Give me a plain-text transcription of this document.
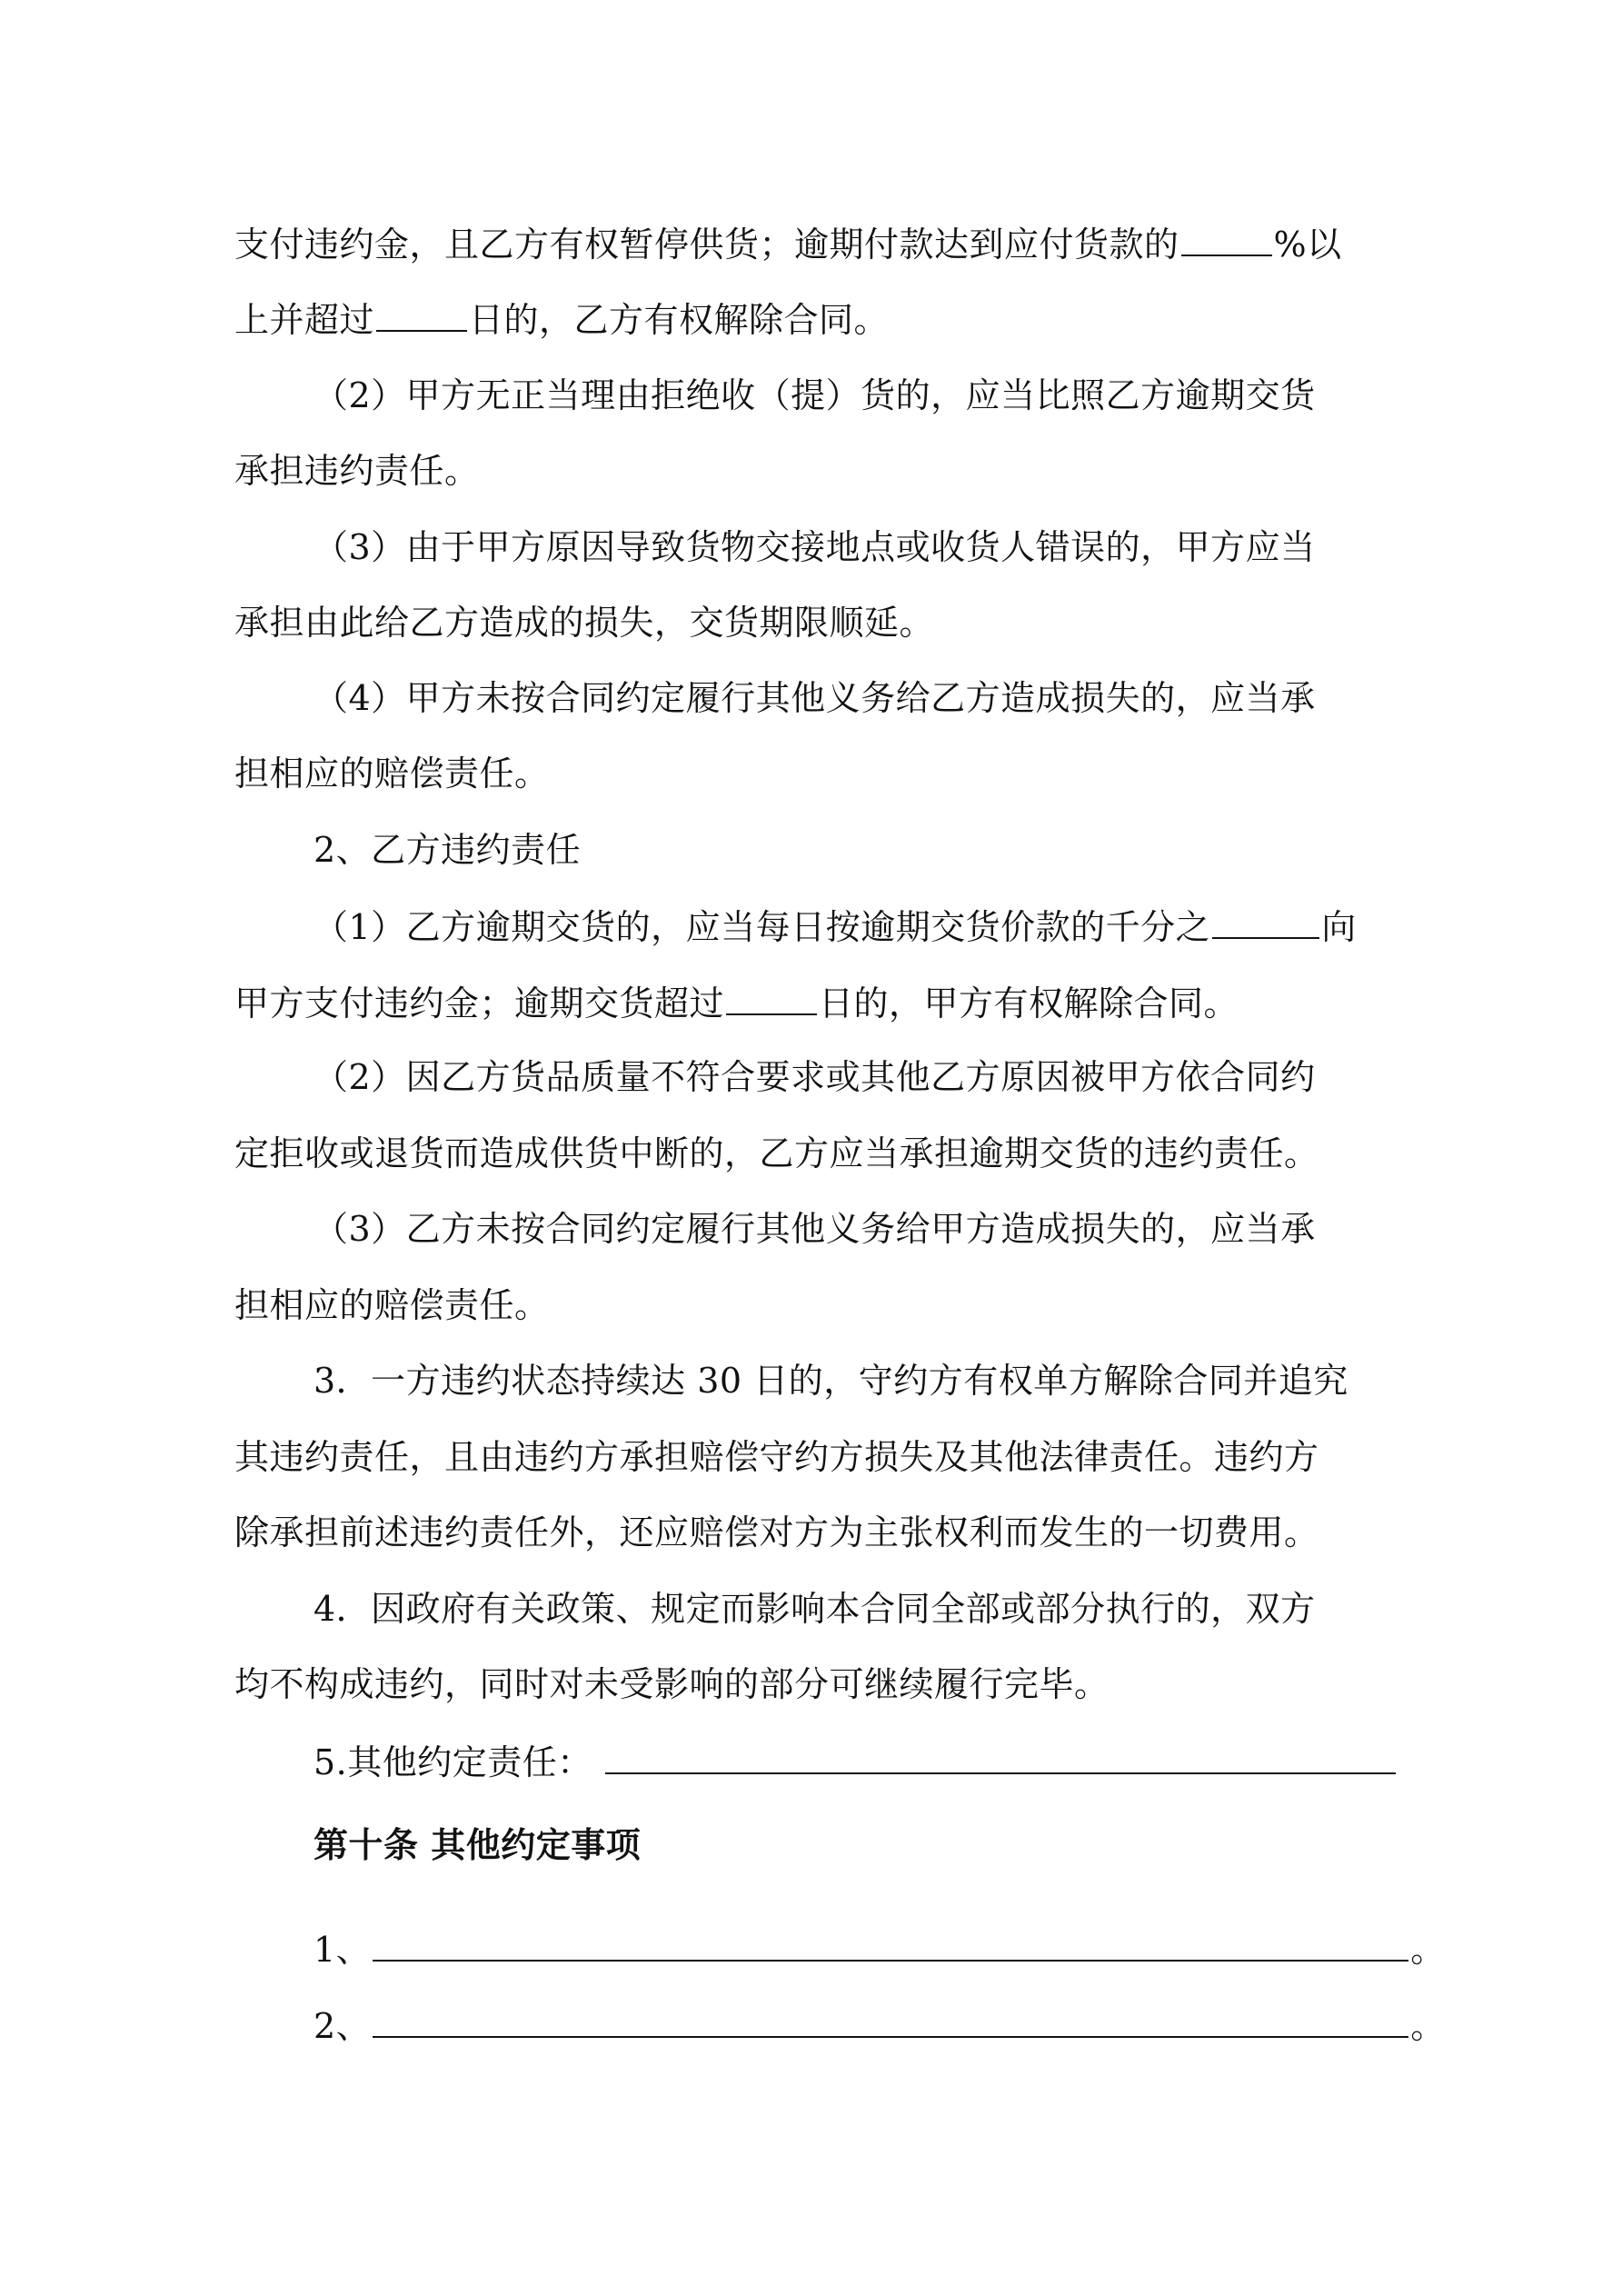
支付违约金，且乙方有权暂停供货；逾期付款达到应付货款的	%以
上并超过	日的，乙方有权解除合同。
（2）甲方无正当理由拒绝收（提）货的，应当比照乙方逾期交货
承担违约责任。
（3）由于甲方原因导致货物交接地点或收货人错误的，甲方应当
承担由此给乙方造成的损失，交货期限顺延。
（4）甲方未按合同约定履行其他义务给乙方造成损失的，应当承
担相应的赔偿责任。
2、乙方违约责任
（1）乙方逾期交货的，应当每日按逾期交货价款的千分之	向
甲方支付违约金；逾期交货超过	日的，甲方有权解除合同。
（2）因乙方货品质量不符合要求或其他乙方原因被甲方依合同约
定拒收或退货而造成供货中断的，乙方应当承担逾期交货的违约责任。
（3）乙方未按合同约定履行其他义务给甲方造成损失的，应当承
担相应的赔偿责任。
3．一方违约状态持续达 30 日的，守约方有权单方解除合同并追究
其违约责任，且由违约方承担赔偿守约方损失及其他法律责任。违约方
除承担前述违约责任外，还应赔偿对方为主张权利而发生的一切费用。
4．因政府有关政策、规定而影响本合同全部或部分执行的，双方
均不构成违约，同时对未受影响的部分可继续履行完毕。
5.其他约定责任：
第十条 其他约定事项
1、	。
2、	。
